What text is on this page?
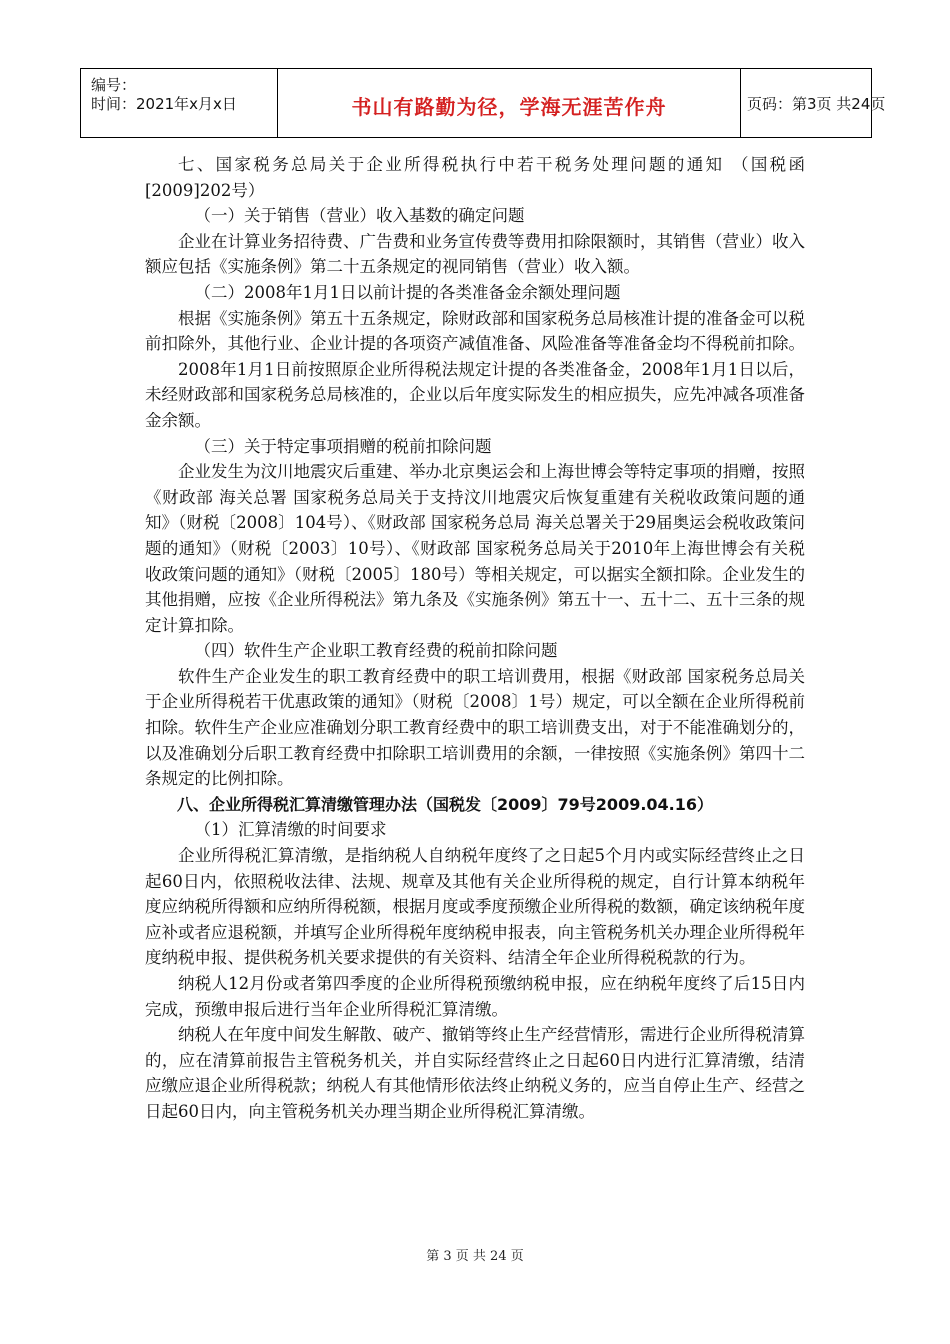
编号：
时间：2021年x月x日	书山有路勤为径，学海无涯苦作舟	页码：第3页 共24页

七、国家税务总局关于企业所得税执行中若干税务处理问题的通知 （国税函[2009]202号）

（一）关于销售（营业）收入基数的确定问题

企业在计算业务招待费、广告费和业务宣传费等费用扣除限额时，其销售（营业）收入额应包括《实施条例》第二十五条规定的视同销售（营业）收入额。

（二）2008年1月1日以前计提的各类准备金余额处理问题

根据《实施条例》第五十五条规定，除财政部和国家税务总局核准计提的准备金可以税前扣除外，其他行业、企业计提的各项资产减值准备、风险准备等准备金均不得税前扣除。

2008年1月1日前按照原企业所得税法规定计提的各类准备金，2008年1月1日以后，未经财政部和国家税务总局核准的，企业以后年度实际发生的相应损失，应先冲减各项准备金余额。

（三）关于特定事项捐赠的税前扣除问题

企业发生为汶川地震灾后重建、举办北京奥运会和上海世博会等特定事项的捐赠，按照《财政部 海关总署 国家税务总局关于支持汶川地震灾后恢复重建有关税收政策问题的通知》（财税〔2008〕104号）、《财政部 国家税务总局 海关总署关于29届奥运会税收政策问题的通知》（财税〔2003〕10号）、《财政部 国家税务总局关于2010年上海世博会有关税收政策问题的通知》（财税〔2005〕180号）等相关规定，可以据实全额扣除。企业发生的其他捐赠，应按《企业所得税法》第九条及《实施条例》第五十一、五十二、五十三条的规定计算扣除。

（四）软件生产企业职工教育经费的税前扣除问题

软件生产企业发生的职工教育经费中的职工培训费用，根据《财政部 国家税务总局关于企业所得税若干优惠政策的通知》（财税〔2008〕1号）规定，可以全额在企业所得税前扣除。软件生产企业应准确划分职工教育经费中的职工培训费支出，对于不能准确划分的，以及准确划分后职工教育经费中扣除职工培训费用的余额，一律按照《实施条例》第四十二条规定的比例扣除。

八、企业所得税汇算清缴管理办法（国税发〔2009〕79号2009.04.16）

（1）汇算清缴的时间要求

企业所得税汇算清缴，是指纳税人自纳税年度终了之日起5个月内或实际经营终止之日起60日内，依照税收法律、法规、规章及其他有关企业所得税的规定，自行计算本纳税年度应纳税所得额和应纳所得税额，根据月度或季度预缴企业所得税的数额，确定该纳税年度应补或者应退税额，并填写企业所得税年度纳税申报表，向主管税务机关办理企业所得税年度纳税申报、提供税务机关要求提供的有关资料、结清全年企业所得税税款的行为。

纳税人12月份或者第四季度的企业所得税预缴纳税申报，应在纳税年度终了后15日内完成，预缴申报后进行当年企业所得税汇算清缴。

纳税人在年度中间发生解散、破产、撤销等终止生产经营情形，需进行企业所得税清算的，应在清算前报告主管税务机关，并自实际经营终止之日起60日内进行汇算清缴，结清应缴应退企业所得税款；纳税人有其他情形依法终止纳税义务的，应当自停止生产、经营之日起60日内，向主管税务机关办理当期企业所得税汇算清缴。

第 3 页 共 24 页
